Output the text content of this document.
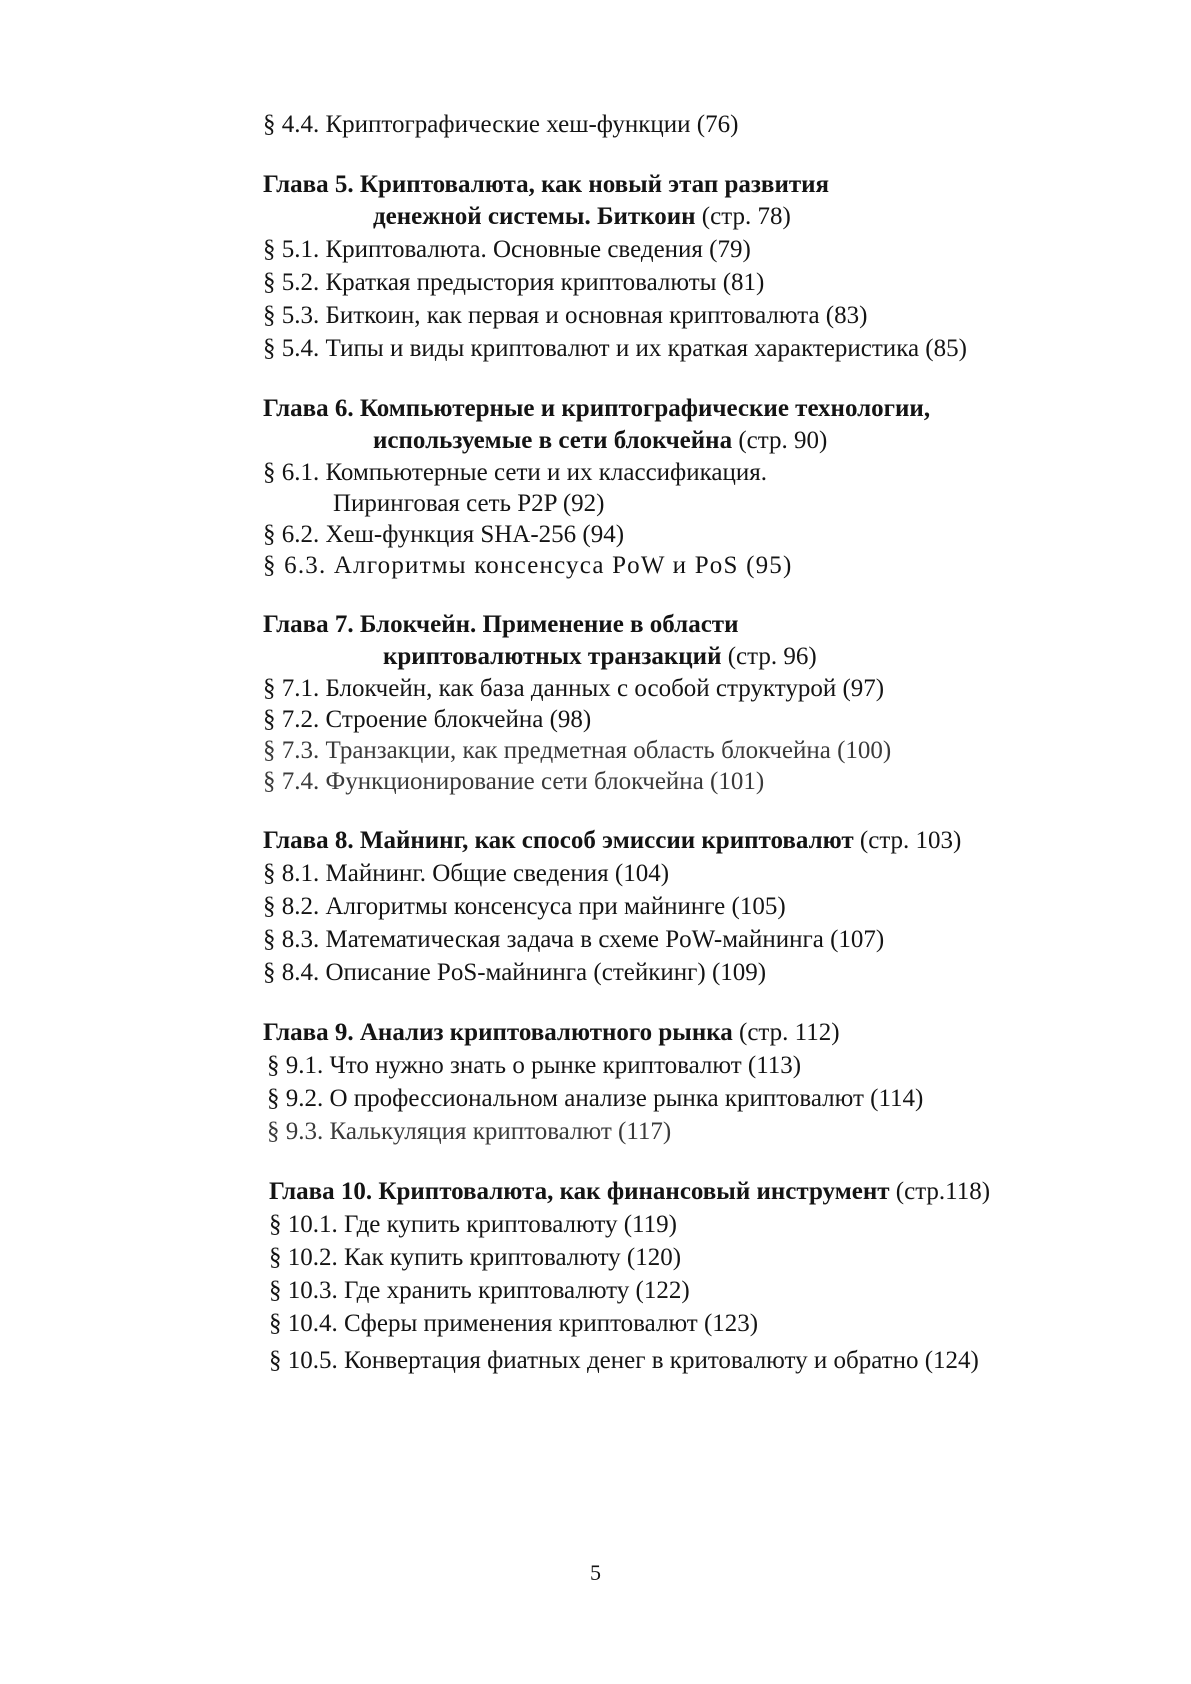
§ 4.4. Криптографические хеш-функции (76)
Глава 5. Криптовалюта, как новый этап развития
денежной системы. Биткоин (стр. 78)
§ 5.1. Криптовалюта. Основные сведения (79)
§ 5.2. Краткая предыстория криптовалюты (81)
§ 5.3. Биткоин, как первая и основная криптовалюта (83)
§ 5.4. Типы и виды криптовалют и их краткая характеристика (85)
Глава 6. Компьютерные и криптографические технологии,
используемые в сети блокчейна (стр. 90)
§ 6.1. Компьютерные сети и их классификация.
Пиринговая сеть P2P (92)
§ 6.2. Хеш-функция SHA-256 (94)
§ 6.3. Алгоритмы консенсуса PoW и PoS (95)
Глава 7. Блокчейн. Применение в области
криптовалютных транзакций (стр. 96)
§ 7.1. Блокчейн, как база данных с особой структурой (97)
§ 7.2. Строение блокчейна (98)
§ 7.3. Транзакции, как предметная область блокчейна (100)
§ 7.4. Функционирование сети блокчейна (101)
Глава 8. Майнинг, как способ эмиссии криптовалют (стр. 103)
§ 8.1. Майнинг. Общие сведения (104)
§ 8.2. Алгоритмы консенсуса при майнинге (105)
§ 8.3. Математическая задача в схеме PoW-майнинга (107)
§ 8.4. Описание PoS-майнинга (стейкинг) (109)
Глава 9. Анализ криптовалютного рынка (стр. 112)
§ 9.1. Что нужно знать о рынке криптовалют (113)
§ 9.2. О профессиональном анализе рынка криптовалют (114)
§ 9.3. Калькуляция криптовалют (117)
Глава 10. Криптовалюта, как финансовый инструмент (стр.118)
§ 10.1. Где купить криптовалюту (119)
§ 10.2. Как купить криптовалюту (120)
§ 10.3. Где хранить криптовалюту (122)
§ 10.4. Сферы применения криптовалют (123)
§ 10.5. Конвертация фиатных денег в критовалюту и обратно (124)
5
